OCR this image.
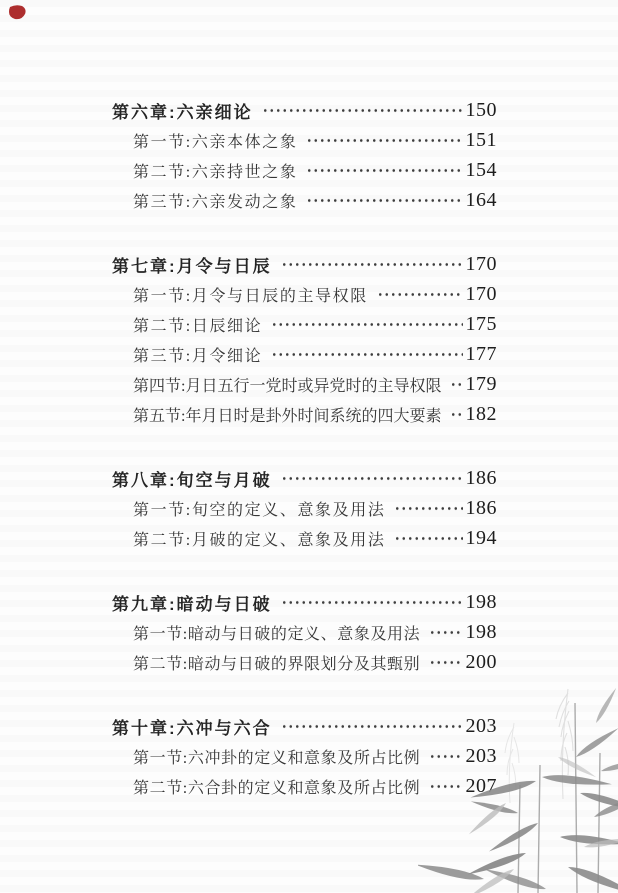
第六章:六亲细论	150
第一节:六亲本体之象	151
第二节:六亲持世之象	154
第三节:六亲发动之象	164
第七章:月令与日辰	170
第一节:月令与日辰的主导权限	170
第二节:日辰细论	175
第三节:月令细论	177
第四节:月日五行一党时或异党时的主导权限 179
第五节:年月日时是卦外时间系统的四大要素 182
第八章:旬空与月破	186
第一节:旬空的定义、意象及用法	186
第二节:月破的定义、意象及用法	194
第九章:暗动与日破	198
第一节:暗动与日破的定义、意象及用法 198
第二节:暗动与日破的界限划分及其甄别 200
第十章:六冲与六合	203
第一节:六冲卦的定义和意象及所占比例 203
第二节:六合卦的定义和意象及所占比例 207
